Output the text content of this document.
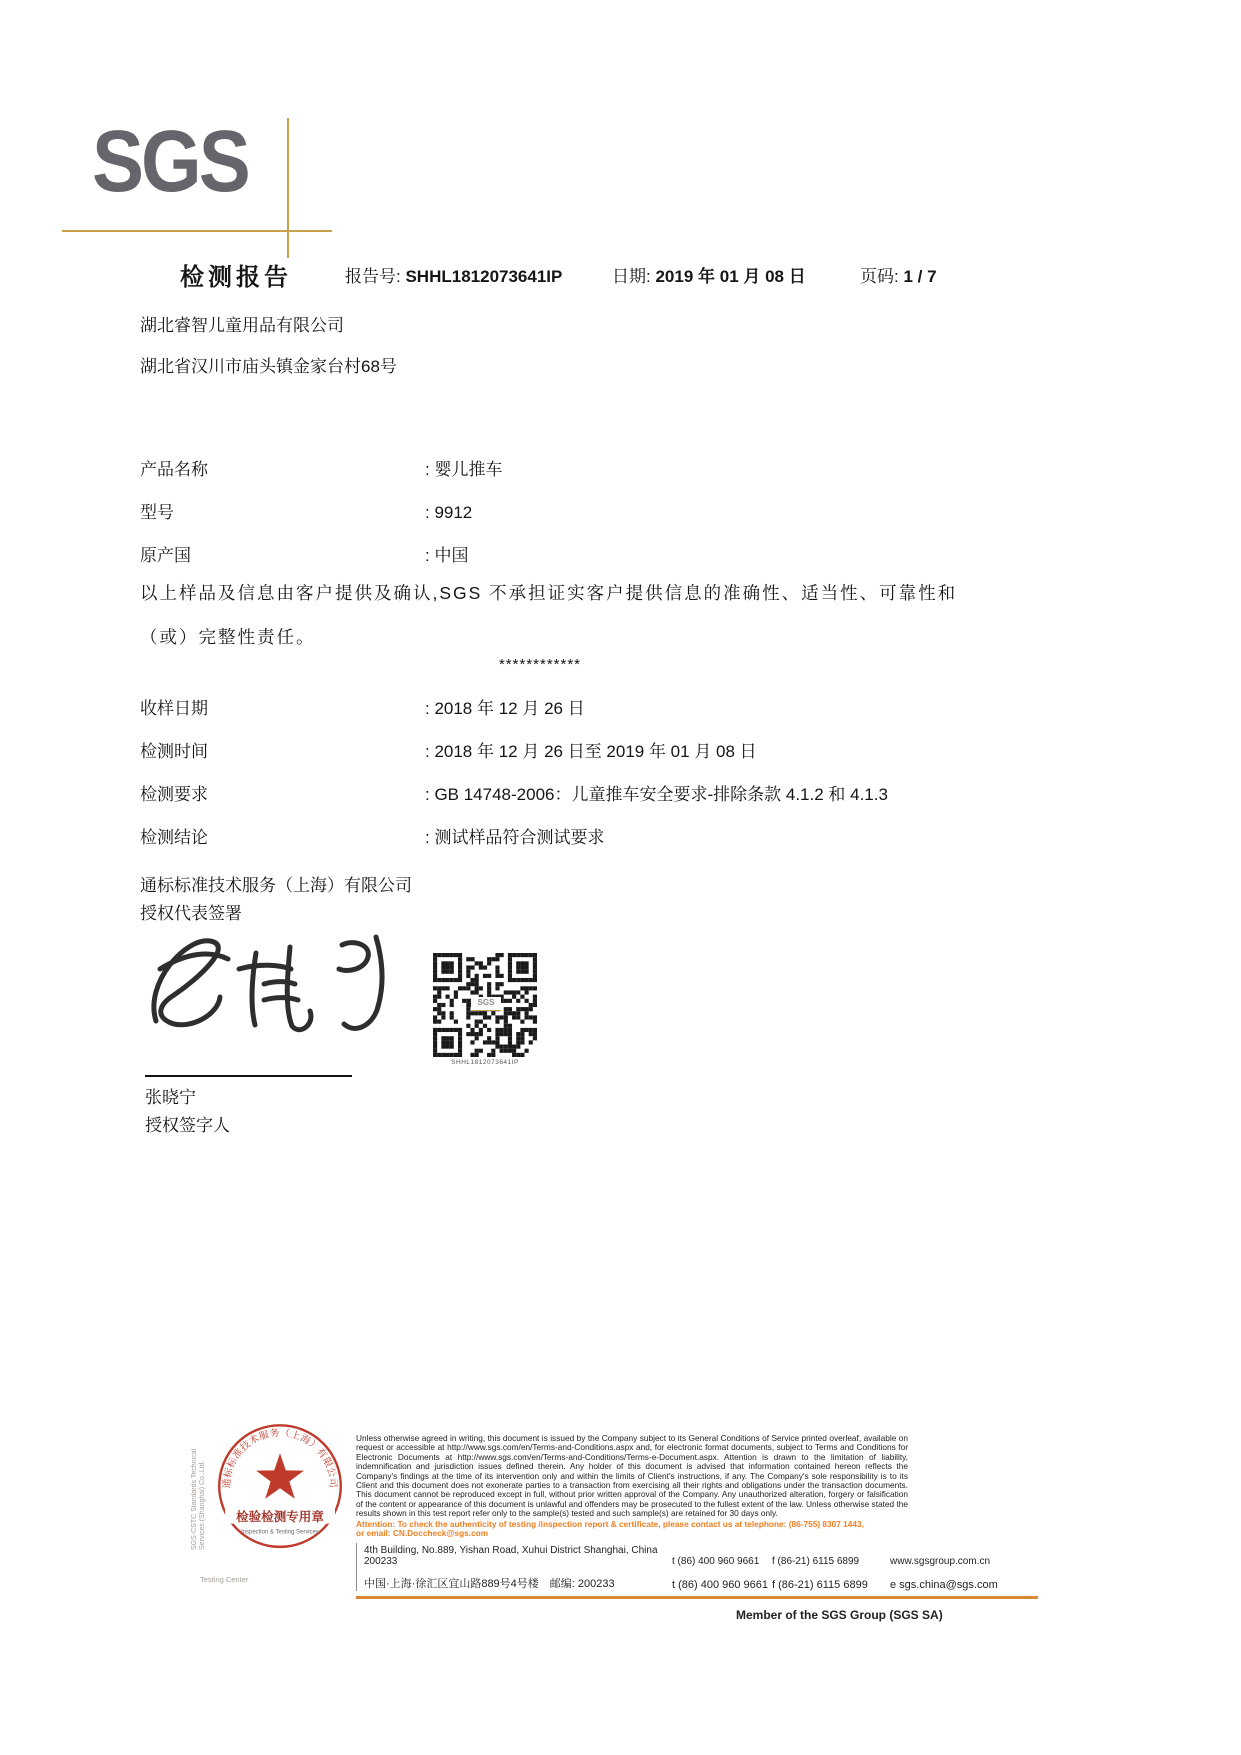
SGS
检测报告	报告号: SHHL1812073641IP	日期: 2019 年 01 月 08 日	页码: 1 / 7
湖北睿智儿童用品有限公司
湖北省汉川市庙头镇金家台村68号
产品名称	: 婴儿推车
型号	: 9912
原产国	: 中国
以上样品及信息由客户提供及确认,SGS 不承担证实客户提供信息的准确性、适当性、可靠性和
（或）完整性责任。
************
收样日期	: 2018 年 12 月 26 日
检测时间	: 2018 年 12 月 26 日至 2019 年 01 月 08 日
检测要求	: GB 14748-2006：儿童推车安全要求-排除条款 4.1.2 和 4.1.3
检测结论	: 测试样品符合测试要求
通标标准技术服务（上海）有限公司
授权代表签署
SGS
SHHL1812073641IP
张晓宁
授权签字人
SGS-CSTC Standards Technical Services (Shanghai) Co.,Ltd. 通标标准技术服务（上海）有限公司
检验检测专用章
Inspection & Testing Services
Testing Center
Unless otherwise agreed in writing, this document is issued by the Company subject to its General Conditions of Service printed overleaf, available on request or accessible at http://www.sgs.com/en/Terms-and-Conditions.aspx and, for electronic format documents, subject to Terms and Conditions for Electronic Documents at http://www.sgs.com/en/Terms-and-Conditions/Terms-e-Document.aspx. Attention is drawn to the limitation of liability, indemnification and jurisdiction issues defined therein. Any holder of this document is advised that information contained hereon reflects the Company's findings at the time of its intervention only and within the limits of Client's instructions, if any. The Company's sole responsibility is to its Client and this document does not exonerate parties to a transaction from exercising all their rights and obligations under the transaction documents. This document cannot be reproduced except in full, without prior written approval of the Company. Any unauthorized alteration, forgery or falsification of the content or appearance of this document is unlawful and offenders may be prosecuted to the fullest extent of the law. Unless otherwise stated the results shown in this test report refer only to the sample(s) tested and such sample(s) are retained for 30 days only.
Attention: To check the authenticity of testing /inspection report & certificate, please contact us at telephone: (86-755) 8307 1443,
or email: CN.Doccheck@sgs.com
4th Building, No.889, Yishan Road, Xuhui District Shanghai, China 200233	t (86) 400 960 9661	f (86-21) 6115 6899	www.sgsgroup.com.cn
中国·上海·徐汇区宜山路889号4号楼　邮编: 200233	t (86) 400 960 9661 f (86-21) 6115 6899	e sgs.china@sgs.com
Member of the SGS Group (SGS SA)
